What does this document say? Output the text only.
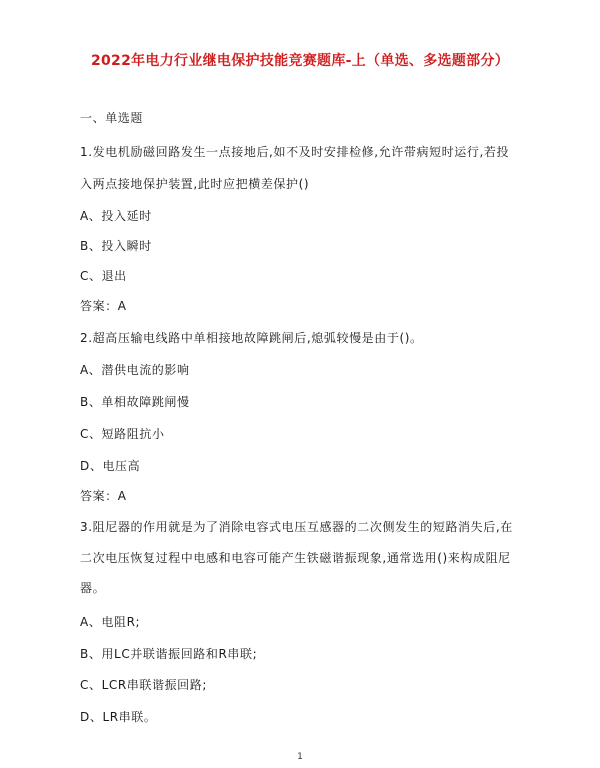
2022年电力行业继电保护技能竞赛题库-上（单选、多选题部分）
一、单选题
1.发电机励磁回路发生一点接地后,如不及时安排检修,允许带病短时运行,若投
入两点接地保护装置,此时应把横差保护()
A、投入延时
B、投入瞬时
C、退出
答案：A
2.超高压输电线路中单相接地故障跳闸后,熄弧较慢是由于()。
A、潜供电流的影响
B、单相故障跳闸慢
C、短路阻抗小
D、电压高
答案：A
3.阻尼器的作用就是为了消除电容式电压互感器的二次侧发生的短路消失后,在
二次电压恢复过程中电感和电容可能产生铁磁谐振现象,通常选用()来构成阻尼
器。
A、电阻R;
B、用LC并联谐振回路和R串联;
C、LCR串联谐振回路;
D、LR串联。
1
